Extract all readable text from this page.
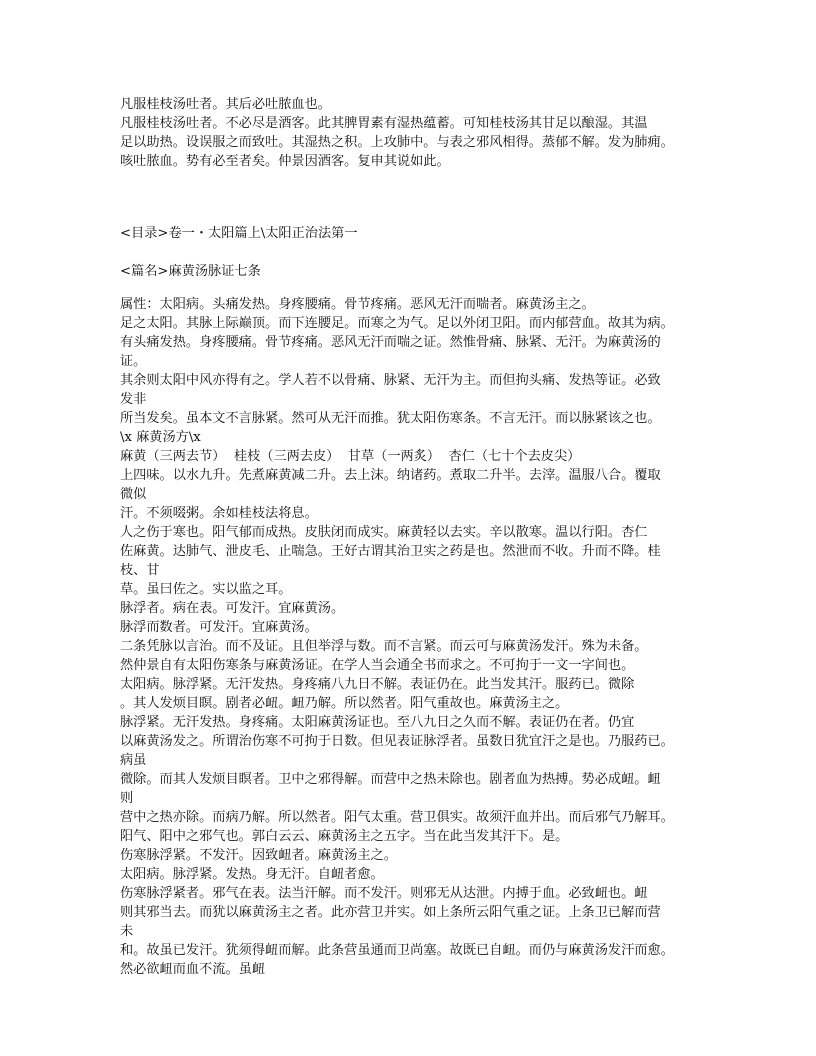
凡服桂枝汤吐者。其后必吐脓血也。
凡服桂枝汤吐者。不必尽是酒客。此其脾胃素有湿热蕴蓄。可知桂枝汤其甘足以酿湿。其温
足以助热。设误服之而致吐。其湿热之积。上攻肺中。与表之邪风相得。蒸郁不解。发为肺痈。
咳吐脓血。势有必至者矣。仲景因酒客。复申其说如此。
<目录>卷一・太阳篇上\太阳正治法第一
<篇名>麻黄汤脉证七条
属性：太阳病。头痛发热。身疼腰痛。骨节疼痛。恶风无汗而喘者。麻黄汤主之。
足之太阳。其脉上际巅顶。而下连腰足。而寒之为气。足以外闭卫阳。而内郁营血。故其为病。
有头痛发热。身疼腰痛。骨节疼痛。恶风无汗而喘之证。然惟骨痛、脉紧、无汗。为麻黄汤的
证。
其余则太阳中风亦得有之。学人若不以骨痛、脉紧、无汗为主。而但拘头痛、发热等证。必致
发非
所当发矣。虽本文不言脉紧。然可从无汗而推。犹太阳伤寒条。不言无汗。而以脉紧该之也。
\x 麻黄汤方\x
麻黄（三两去节）  桂枝（三两去皮）  甘草（一两炙）  杏仁（七十个去皮尖）
上四味。以水九升。先煮麻黄减二升。去上沫。纳诸药。煮取二升半。去滓。温服八合。覆取
微似
汗。不须啜粥。余如桂枝法将息。
人之伤于寒也。阳气郁而成热。皮肤闭而成实。麻黄轻以去实。辛以散寒。温以行阳。杏仁
佐麻黄。达肺气、泄皮毛、止喘急。王好古谓其治卫实之药是也。然泄而不收。升而不降。桂
枝、甘
草。虽曰佐之。实以监之耳。
脉浮者。病在表。可发汗。宜麻黄汤。
脉浮而数者。可发汗。宜麻黄汤。
二条凭脉以言治。而不及证。且但举浮与数。而不言紧。而云可与麻黄汤发汗。殊为未备。
然仲景自有太阳伤寒条与麻黄汤证。在学人当会通全书而求之。不可拘于一文一字间也。
太阳病。脉浮紧。无汗发热。身疼痛八九日不解。表证仍在。此当发其汗。服药已。微除
。其人发烦目瞑。剧者必衄。衄乃解。所以然者。阳气重故也。麻黄汤主之。
脉浮紧。无汗发热。身疼痛。太阳麻黄汤证也。至八九日之久而不解。表证仍在者。仍宜
以麻黄汤发之。所谓治伤寒不可拘于日数。但见表证脉浮者。虽数日犹宜汗之是也。乃服药已。
病虽
微除。而其人发烦目瞑者。卫中之邪得解。而营中之热未除也。剧者血为热搏。势必成衄。衄
则
营中之热亦除。而病乃解。所以然者。阳气太重。营卫俱实。故须汗血并出。而后邪气乃解耳。
阳气、阳中之邪气也。郭白云云、麻黄汤主之五字。当在此当发其汗下。是。
伤寒脉浮紧。不发汗。因致衄者。麻黄汤主之。
太阳病。脉浮紧。发热。身无汗。自衄者愈。
伤寒脉浮紧者。邪气在表。法当汗解。而不发汗。则邪无从达泄。内搏于血。必致衄也。衄
则其邪当去。而犹以麻黄汤主之者。此亦营卫并实。如上条所云阳气重之证。上条卫已解而营
未
和。故虽已发汗。犹须得衄而解。此条营虽通而卫尚塞。故既已自衄。而仍与麻黄汤发汗而愈。
然必欲衄而血不流。虽衄
